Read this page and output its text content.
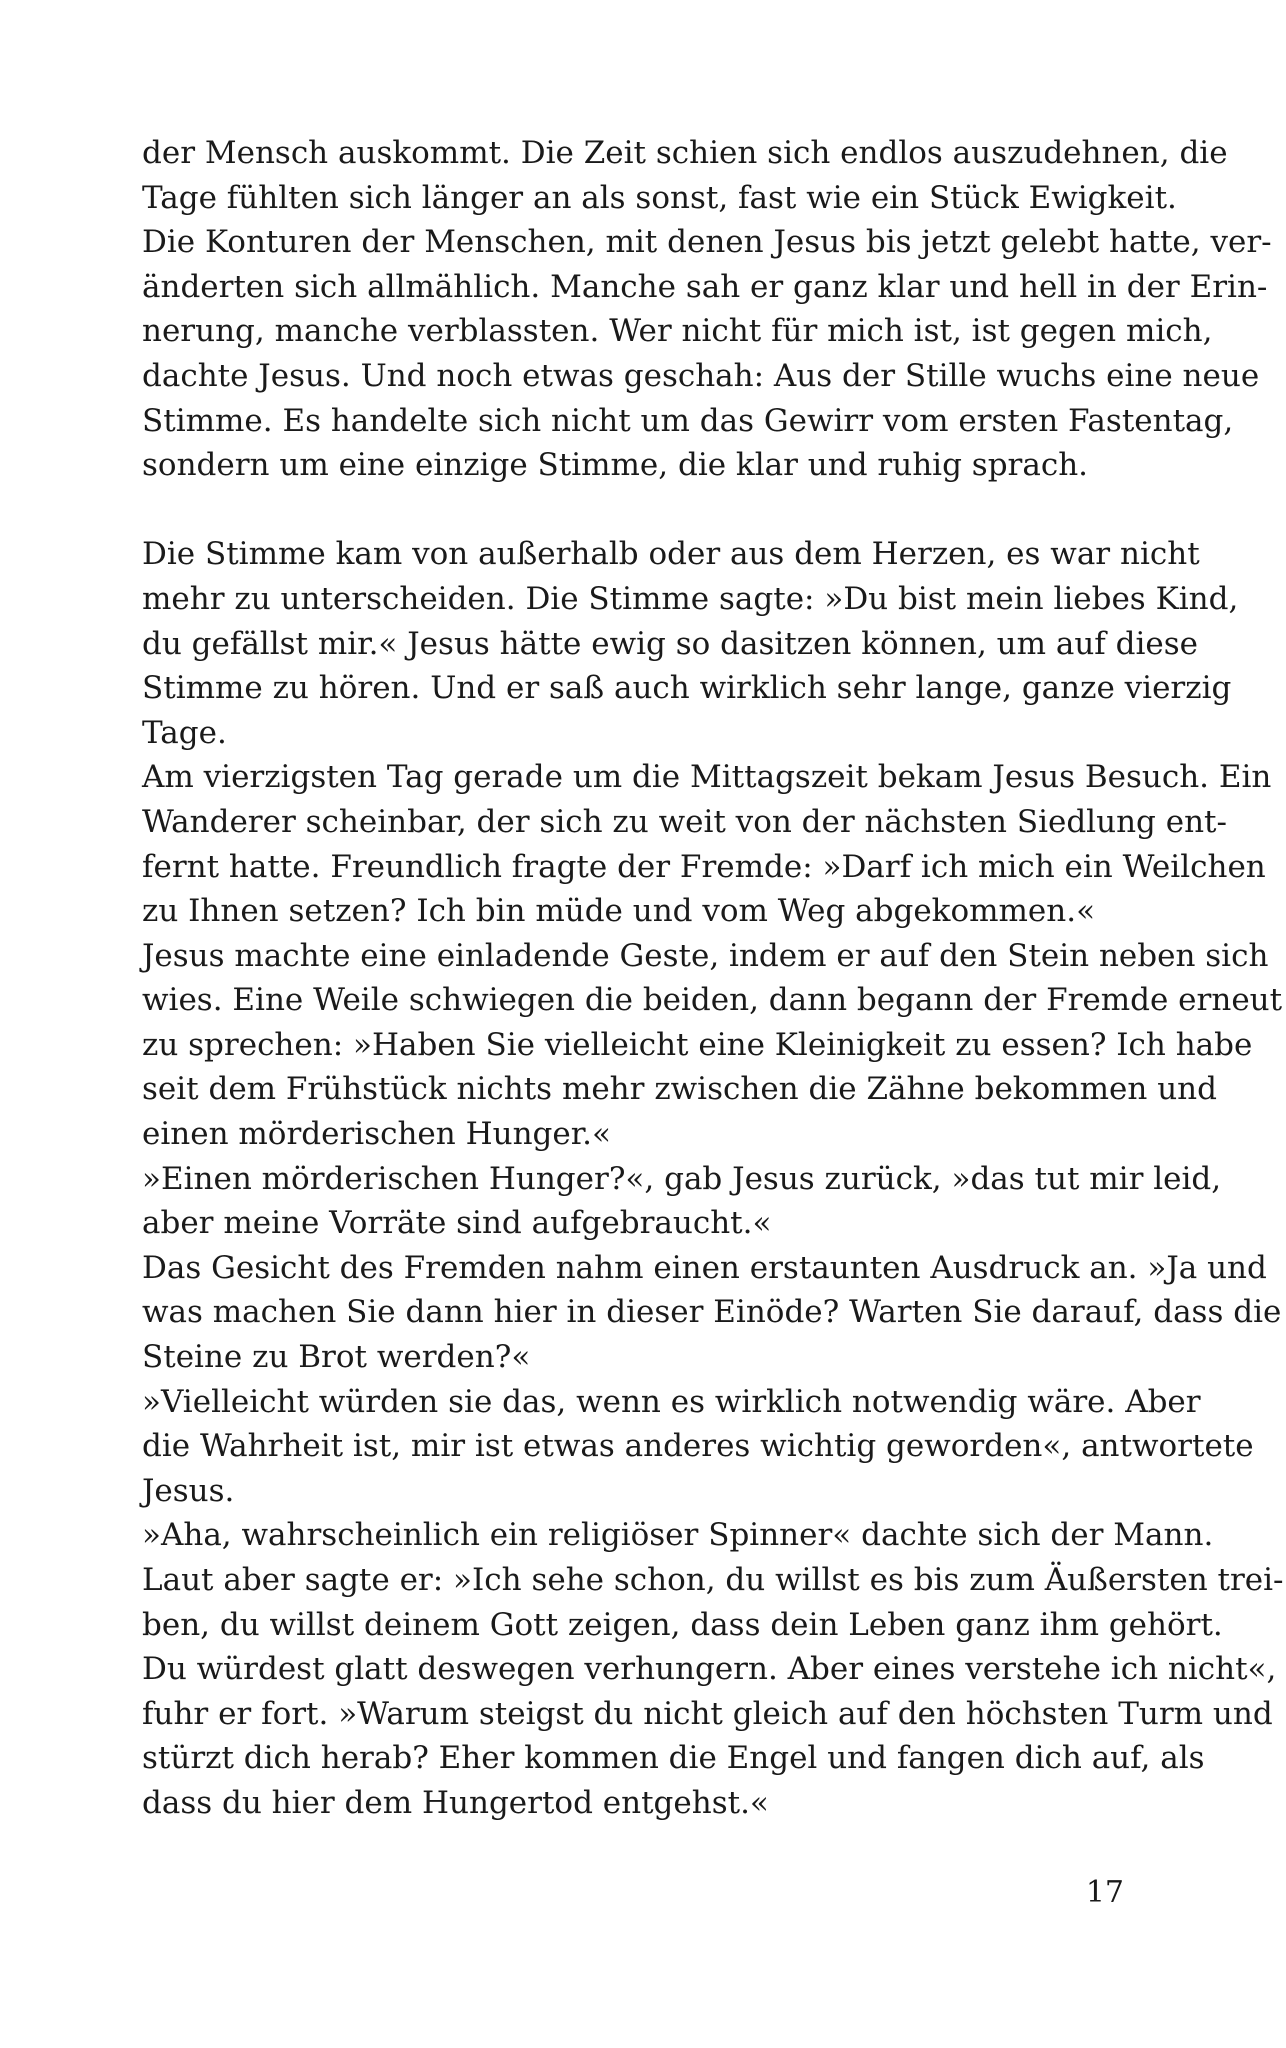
der Mensch auskommt. Die Zeit schien sich endlos auszudehnen, die
Tage fühlten sich länger an als sonst, fast wie ein Stück Ewigkeit.
Die Konturen der Menschen, mit denen Jesus bis jetzt gelebt hatte, ver-
änderten sich allmählich. Manche sah er ganz klar und hell in der Erin-
nerung, manche verblassten. Wer nicht für mich ist, ist gegen mich,
dachte Jesus. Und noch etwas geschah: Aus der Stille wuchs eine neue
Stimme. Es handelte sich nicht um das Gewirr vom ersten Fastentag,
sondern um eine einzige Stimme, die klar und ruhig sprach.
Die Stimme kam von außerhalb oder aus dem Herzen, es war nicht
mehr zu unterscheiden. Die Stimme sagte: »Du bist mein liebes Kind,
du gefällst mir.« Jesus hätte ewig so dasitzen können, um auf diese
Stimme zu hören. Und er saß auch wirklich sehr lange, ganze vierzig
Tage.
Am vierzigsten Tag gerade um die Mittagszeit bekam Jesus Besuch. Ein
Wanderer scheinbar, der sich zu weit von der nächsten Siedlung ent-
fernt hatte. Freundlich fragte der Fremde: »Darf ich mich ein Weilchen
zu Ihnen setzen? Ich bin müde und vom Weg abgekommen.«
Jesus machte eine einladende Geste, indem er auf den Stein neben sich
wies. Eine Weile schwiegen die beiden, dann begann der Fremde erneut
zu sprechen: »Haben Sie vielleicht eine Kleinigkeit zu essen? Ich habe
seit dem Frühstück nichts mehr zwischen die Zähne bekommen und
einen mörderischen Hunger.«
»Einen mörderischen Hunger?«, gab Jesus zurück, »das tut mir leid,
aber meine Vorräte sind aufgebraucht.«
Das Gesicht des Fremden nahm einen erstaunten Ausdruck an. »Ja und
was machen Sie dann hier in dieser Einöde? Warten Sie darauf, dass die
Steine zu Brot werden?«
»Vielleicht würden sie das, wenn es wirklich notwendig wäre. Aber
die Wahrheit ist, mir ist etwas anderes wichtig geworden«, antwortete
Jesus.
»Aha, wahrscheinlich ein religiöser Spinner« dachte sich der Mann.
Laut aber sagte er: »Ich sehe schon, du willst es bis zum Äußersten trei-
ben, du willst deinem Gott zeigen, dass dein Leben ganz ihm gehört.
Du würdest glatt deswegen verhungern. Aber eines verstehe ich nicht«,
fuhr er fort. »Warum steigst du nicht gleich auf den höchsten Turm und
stürzt dich herab? Eher kommen die Engel und fangen dich auf, als
dass du hier dem Hungertod entgehst.«
17
